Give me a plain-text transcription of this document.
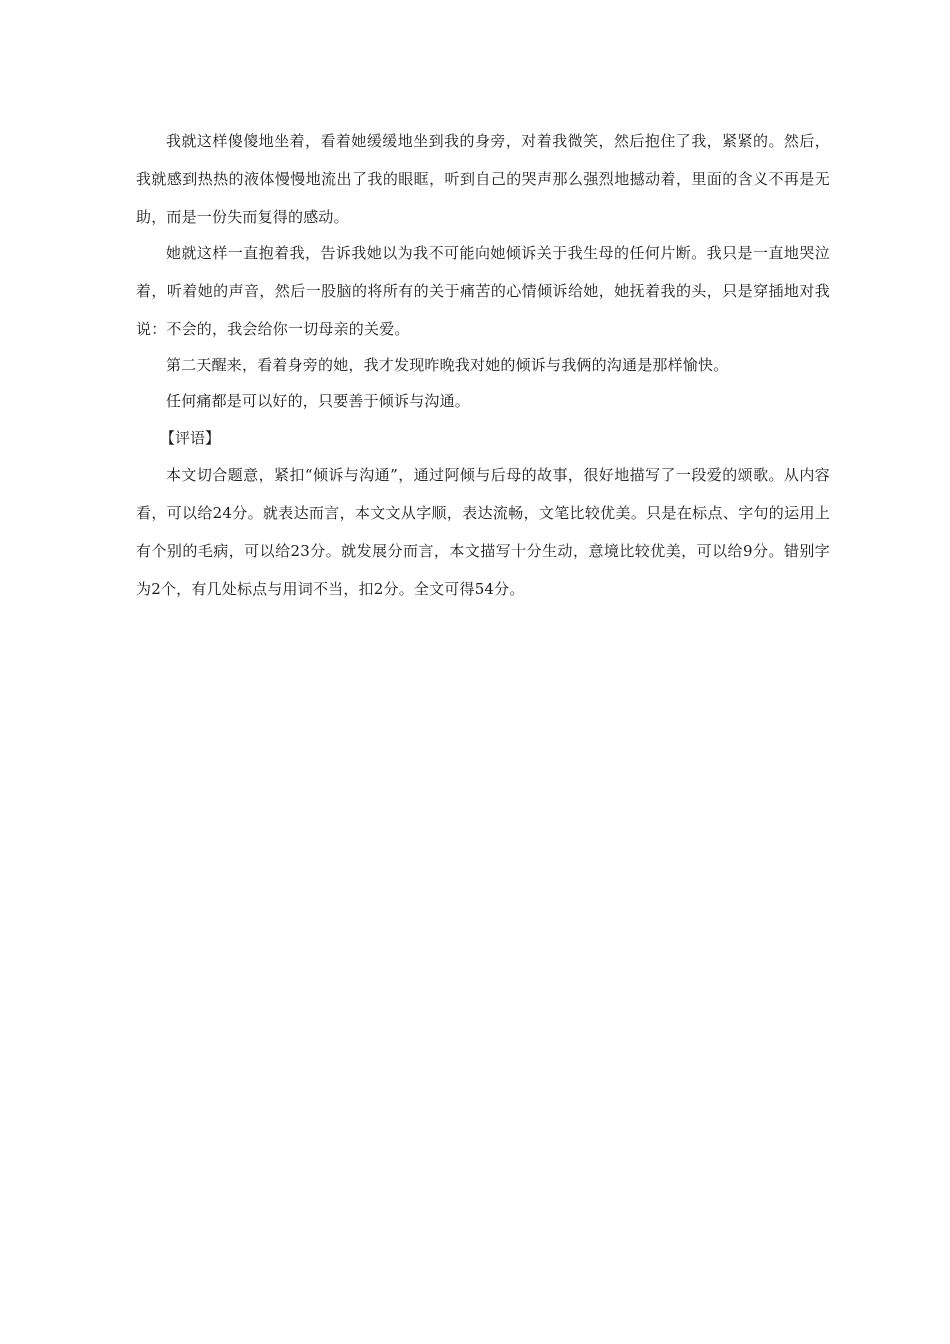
我就这样傻傻地坐着，看着她缓缓地坐到我的身旁，对着我微笑，然后抱住了我，紧紧的。然后，我就感到热热的液体慢慢地流出了我的眼眶，听到自己的哭声那么强烈地撼动着，里面的含义不再是无助，而是一份失而复得的感动。

她就这样一直抱着我，告诉我她以为我不可能向她倾诉关于我生母的任何片断。我只是一直地哭泣着，听着她的声音，然后一股脑的将所有的关于痛苦的心情倾诉给她，她抚着我的头，只是穿插地对我说：不会的，我会给你一切母亲的关爱。

第二天醒来，看着身旁的她，我才发现昨晚我对她的倾诉与我俩的沟通是那样愉快。

任何痛都是可以好的，只要善于倾诉与沟通。

【评语】

本文切合题意，紧扣“倾诉与沟通”，通过阿倾与后母的故事，很好地描写了一段爱的颂歌。从内容看，可以给24分。就表达而言，本文文从字顺，表达流畅，文笔比较优美。只是在标点、字句的运用上有个别的毛病，可以给23分。就发展分而言，本文描写十分生动，意境比较优美，可以给9分。错别字为2个，有几处标点与用词不当，扣2分。全文可得54分。
